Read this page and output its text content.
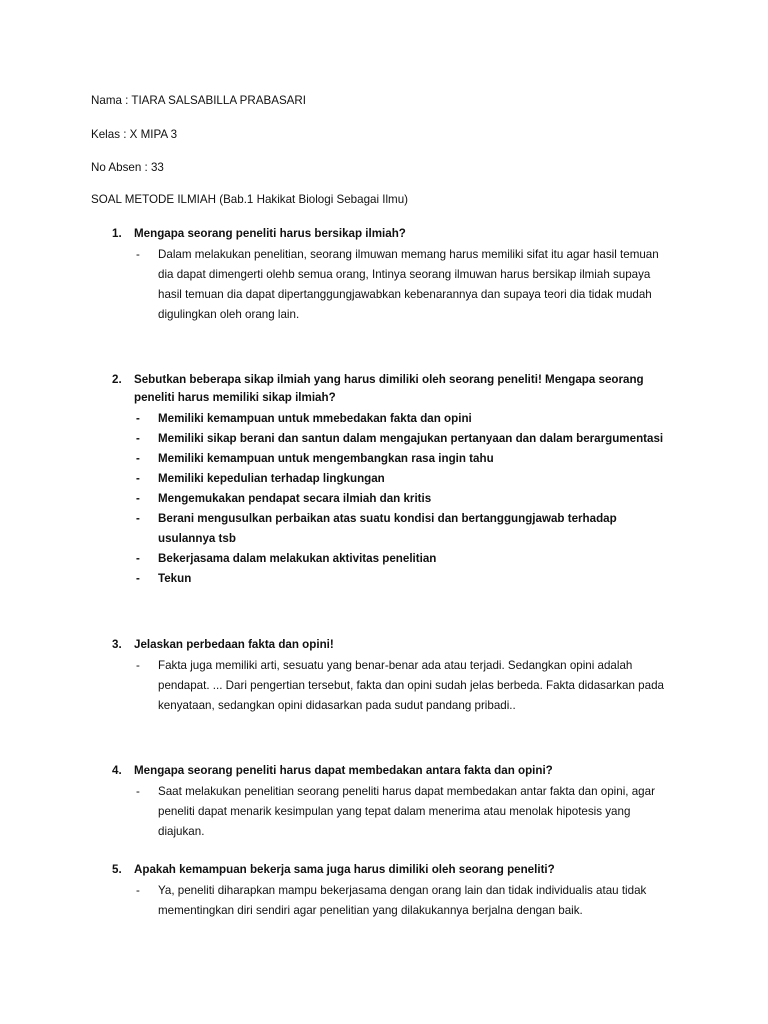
Nama : TIARA SALSABILLA PRABASARI
Kelas : X MIPA 3
No Absen : 33
SOAL METODE ILMIAH (Bab.1 Hakikat Biologi Sebagai Ilmu)
1. Mengapa seorang peneliti harus bersikap ilmiah?
- Dalam melakukan penelitian, seorang ilmuwan memang harus memiliki sifat itu agar hasil temuan dia dapat dimengerti olehb semua orang, Intinya seorang ilmuwan harus bersikap ilmiah supaya hasil temuan dia dapat dipertanggungjawabkan kebenarannya dan supaya teori dia tidak mudah digulingkan oleh orang lain.
2. Sebutkan beberapa sikap ilmiah yang harus dimiliki oleh seorang peneliti! Mengapa seorang peneliti harus memiliki sikap ilmiah?
- Memiliki kemampuan untuk mmebedakan fakta dan opini
- Memiliki sikap berani dan santun dalam mengajukan pertanyaan dan dalam berargumentasi
- Memiliki kemampuan untuk mengembangkan rasa ingin tahu
- Memiliki kepedulian terhadap lingkungan
- Mengemukakan pendapat secara ilmiah dan kritis
- Berani mengusulkan perbaikan atas suatu kondisi dan bertanggungjawab terhadap usulannya tsb
- Bekerjasama dalam melakukan aktivitas penelitian
- Tekun
3. Jelaskan perbedaan fakta dan opini!
- Fakta juga memiliki arti, sesuatu yang benar-benar ada atau terjadi. Sedangkan opini adalah pendapat. ... Dari pengertian tersebut, fakta dan opini sudah jelas berbeda. Fakta didasarkan pada kenyataan, sedangkan opini didasarkan pada sudut pandang pribadi..
4. Mengapa seorang peneliti harus dapat membedakan antara fakta dan opini?
- Saat melakukan penelitian seorang peneliti harus dapat membedakan antar fakta dan opini, agar peneliti dapat menarik kesimpulan yang tepat dalam menerima atau menolak hipotesis yang diajukan.
5. Apakah kemampuan bekerja sama juga harus dimiliki oleh seorang peneliti?
- Ya, peneliti diharapkan mampu bekerjasama dengan orang lain dan tidak individualis atau tidak mementingkan diri sendiri agar penelitian yang dilakukannya berjalna dengan baik.
